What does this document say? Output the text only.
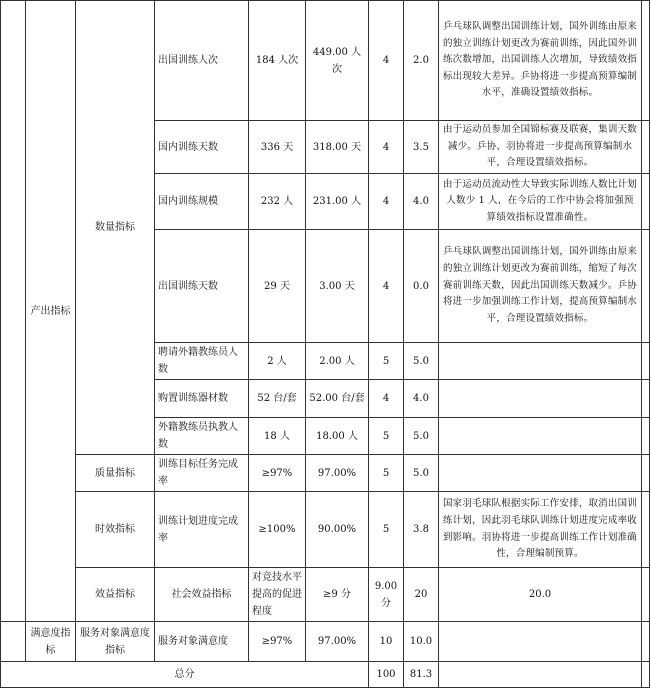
	产出指标	数量指标	出国训练人次	184 人次	449.00 人次	4	2.0	乒乓球队调整出国训练计划，国外训练由原来的独立训练计划更改为赛前训练，因此国外训练次数增加，出国训练人次增加，导致绩效指标出现较大差异。乒协将进一步提高预算编制水平，准确设置绩效指标。		
			国内训练天数	336 天	318.00 天	4	3.5	由于运动员参加全国锦标赛及联赛，集训天数减少。乒协、羽协将进一步提高预算编制水平，合理设置绩效指标。		
			国内训练规模	232 人	231.00 人	4	4.0	由于运动员流动性大导致实际训练人数比计划人数少 1 人，在今后的工作中协会将加强预算绩效指标设置准确性。		
			出国训练天数	29 天	3.00 天	4	0.0	乒乓球队调整出国训练计划，国外训练由原来的独立训练计划更改为赛前训练，缩短了每次赛前训练天数，因此出国训练天数减少。乒协将进一步加强训练工作计划，提高预算编制水平，合理设置绩效指标。		
			聘请外籍教练员人数	2 人	2.00 人	5	5.0			
			购置训练器材数	52 台/套	52.00 台/套	4	4.0			
			外籍教练员执教人数	18 人	18.00 人	5	5.0			
		质量指标	训练目标任务完成率	≥97%	97.00%	5	5.0			
		时效指标	训练计划进度完成率	≥100%	90.00%	5	3.8	国家羽毛球队根据实际工作安排，取消出国训练计划，因此羽毛球队训练计划进度完成率收到影响。羽协将进一步提高训练工作计划准确性，合理编制预算。		
		效益指标	社会效益指标	对竞技水平提高的促进程度	≥9 分	9.00 分	20	20.0		
	满意度指标	服务对象满意度指标	服务对象满意度	≥97%	97.00%	10	10.0			
总分						100	81.3			
